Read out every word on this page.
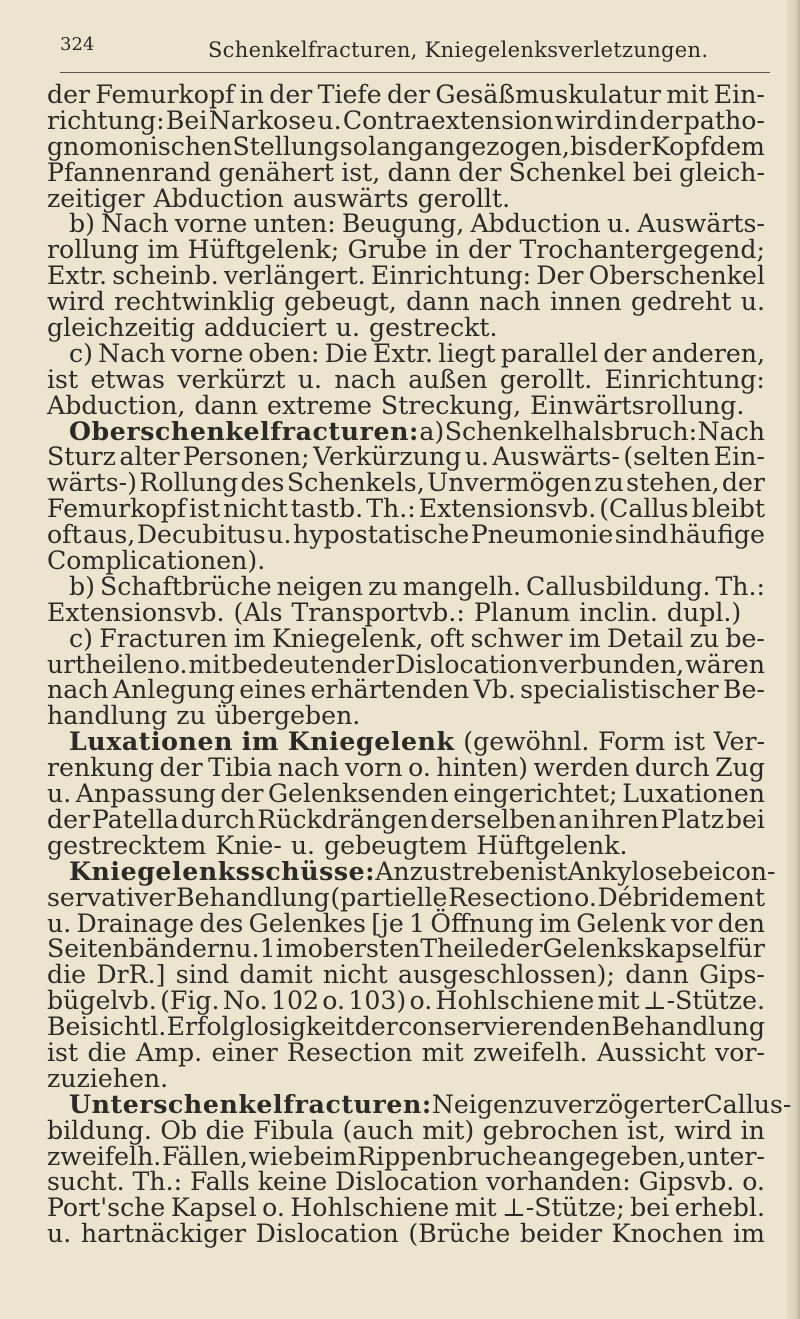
324	Schenkelfracturen, Kniegelenksverletzungen.
der Femurkopf in der Tiefe der Gesäßmuskulatur mit Ein-
richtung: Bei Narkose u. Contraextension wird in der patho-
gnomonischen Stellung so lang angezogen, bis der Kopf dem
Pfannenrand genähert ist, dann der Schenkel bei gleich-
zeitiger Abduction auswärts gerollt.
b) Nach vorne unten: Beugung, Abduction u. Auswärts-
rollung im Hüftgelenk; Grube in der Trochantergegend;
Extr. scheinb. verlängert. Einrichtung: Der Oberschenkel
wird rechtwinklig gebeugt, dann nach innen gedreht u.
gleichzeitig adduciert u. gestreckt.
c) Nach vorne oben: Die Extr. liegt parallel der anderen,
ist etwas verkürzt u. nach außen gerollt. Einrichtung:
Abduction, dann extreme Streckung, Einwärtsrollung.
Oberschenkelfracturen: a) Schenkelhalsbruch: Nach
Sturz alter Personen; Verkürzung u. Auswärts- (selten Ein-
wärts-) Rollung des Schenkels, Unvermögen zu stehen, der
Femurkopf ist nicht tastb. Th.: Extensionsvb. (Callus bleibt
oft aus, Decubitus u. hypostatische Pneumonie sind häufige
Complicationen).
b) Schaftbrüche neigen zu mangelh. Callusbildung. Th.:
Extensionsvb. (Als Transportvb.: Planum inclin. dupl.)
c) Fracturen im Kniegelenk, oft schwer im Detail zu be-
urtheilen o. mit bedeutender Dislocation verbunden, wären
nach Anlegung eines erhärtenden Vb. specialistischer Be-
handlung zu übergeben.
Luxationen im Kniegelenk (gewöhnl. Form ist Ver-
renkung der Tibia nach vorn o. hinten) werden durch Zug
u. Anpassung der Gelenksenden eingerichtet; Luxationen
der Patella durch Rückdrängen derselben an ihren Platz bei
gestrecktem Knie- u. gebeugtem Hüftgelenk.
Kniegelenksschüsse: Anzustreben ist Ankylose bei con-
servativer Behandlung (partielle Resection o. Débridement
u. Drainage des Gelenkes [je 1 Öffnung im Gelenk vor den
Seitenbändern u. 1 im obersten Theile der Gelenkskapsel für
die DrR.] sind damit nicht ausgeschlossen); dann Gips-
bügelvb. (Fig. No. 102 o. 103) o. Hohlschiene mit ⊥-Stütze.
Bei sichtl. Erfolglosigkeit der conservierenden Behandlung
ist die Amp. einer Resection mit zweifelh. Aussicht vor-
zuziehen.
Unterschenkelfracturen: Neigen zu verzögerter Callus-
bildung. Ob die Fibula (auch mit) gebrochen ist, wird in
zweifelh. Fällen, wie beim Rippenbruche angegeben, unter-
sucht. Th.: Falls keine Dislocation vorhanden: Gipsvb. o.
Port'sche Kapsel o. Hohlschiene mit ⊥-Stütze; bei erhebl.
u. hartnäckiger Dislocation (Brüche beider Knochen im
